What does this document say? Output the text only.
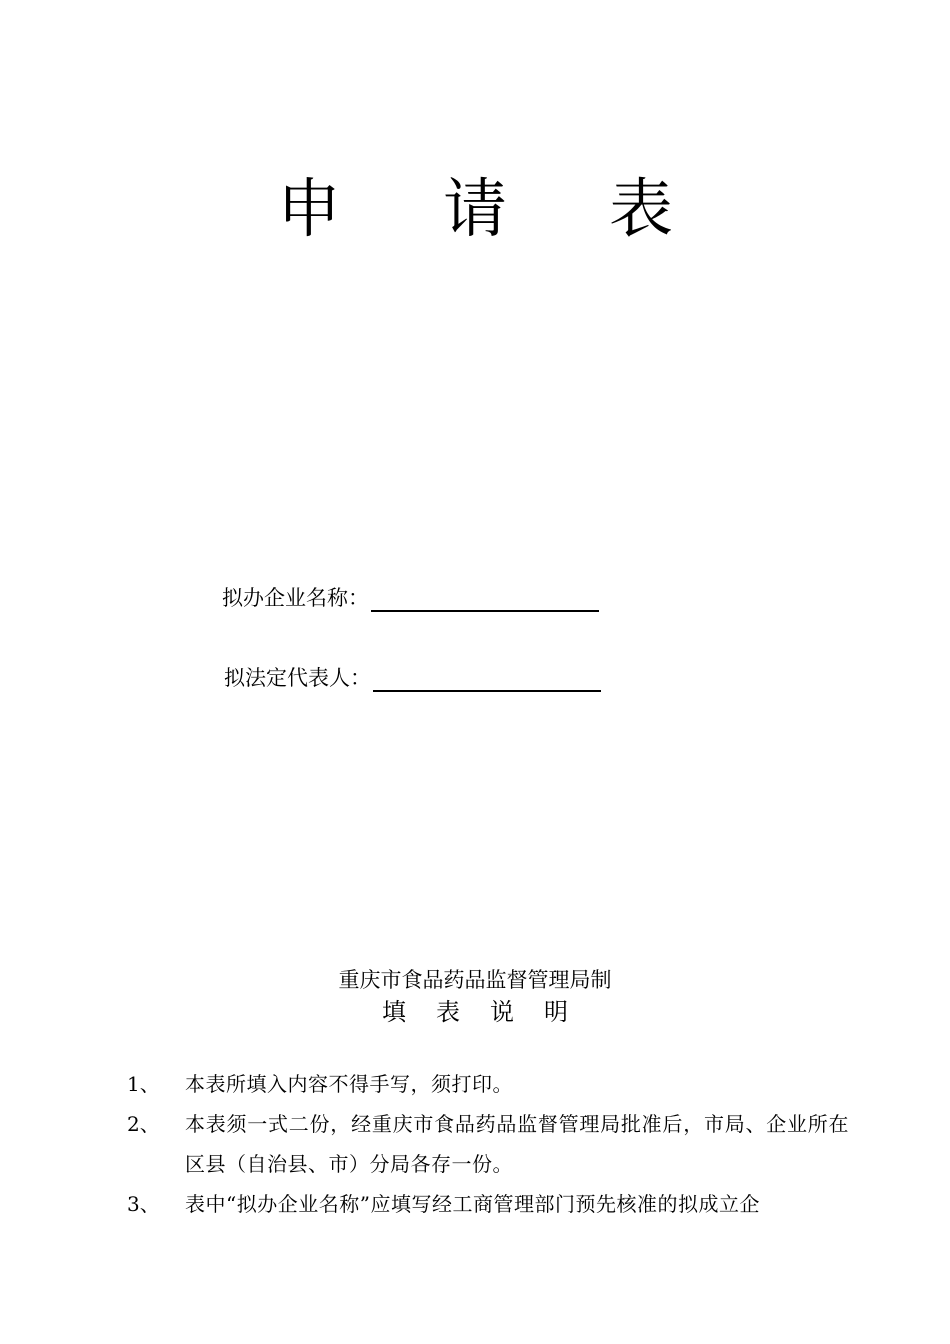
申 请 表
拟办企业名称：
拟法定代表人：
重庆市食品药品监督管理局制
填 表 说 明
1、	本表所填入内容不得手写，须打印。
2、	本表须一式二份，经重庆市食品药品监督管理局批准后，市局、企业所在区县（自治县、市）分局各存一份。
3、	表中“拟办企业名称”应填写经工商管理部门预先核准的拟成立企
